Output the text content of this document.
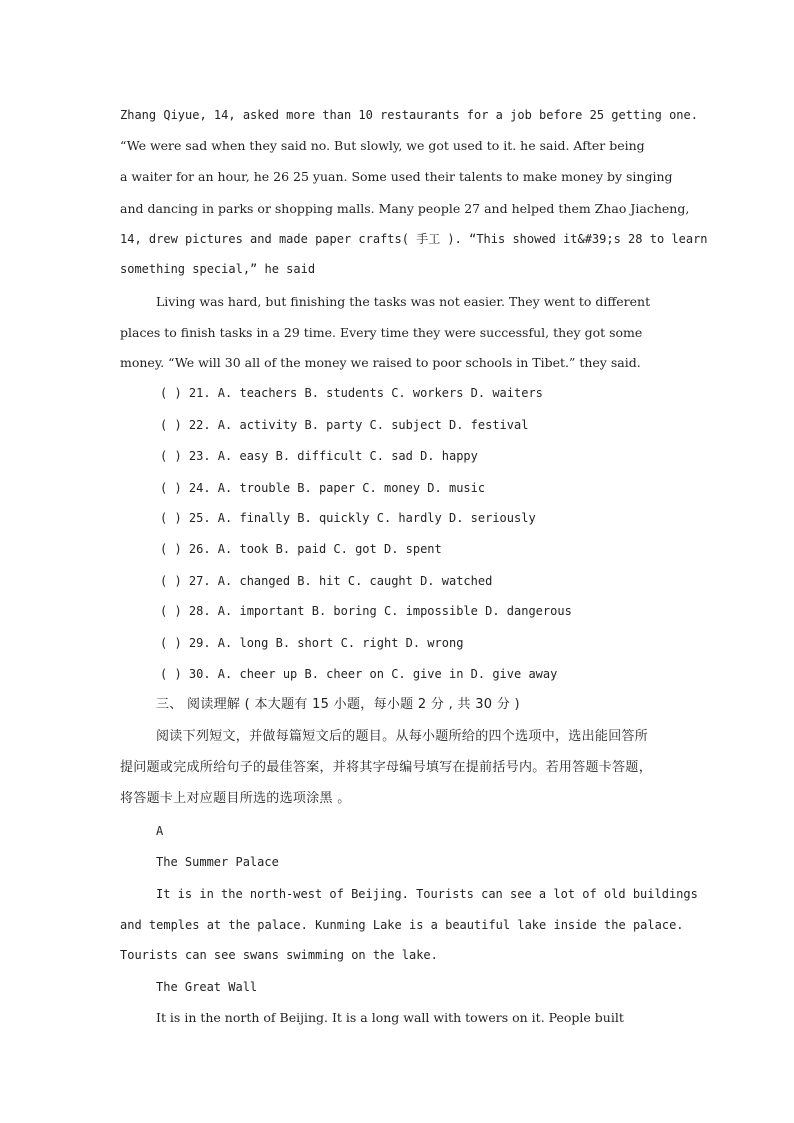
Zhang Qiyue, 14, asked more than 10 restaurants for a job before 25 getting one.
“We were sad when they said no. But slowly, we got used to it. he said. After being
a waiter for an hour, he 26 25 yuan. Some used their talents to make money by singing
and dancing in parks or shopping malls. Many people 27 and helped them Zhao Jiacheng,
14, drew pictures and made paper crafts( 手工 ). “This showed it&#39;s 28 to learn
something special,” he said
Living was hard, but finishing the tasks was not easier. They went to different
places to finish tasks in a 29 time. Every time they were successful, they got some
money. “We will 30 all of the money we raised to poor schools in Tibet.” they said.
( ) 21. A. teachers B. students C. workers D. waiters
( ) 22. A. activity B. party C. subject D. festival
( ) 23. A. easy B. difficult C. sad D. happy
( ) 24. A. trouble B. paper C. money D. music
( ) 25. A. finally B. quickly C. hardly D. seriously
( ) 26. A. took B. paid C. got D. spent
( ) 27. A. changed B. hit C. caught D. watched
( ) 28. A. important B. boring C. impossible D. dangerous
( ) 29. A. long B. short C. right D. wrong
( ) 30. A. cheer up B. cheer on C. give in D. give away
三、 阅读理解 ( 本大题有 15 小题，每小题 2 分 , 共 30 分 )
阅读下列短文，并做每篇短文后的题目。从每小题所给的四个选项中，选出能回答所
提问题或完成所给句子的最佳答案，并将其字母编号填写在提前括号内。若用答题卡答题，
将答题卡上对应题目所选的选项涂黑 。
A
The Summer Palace
It is in the north-west of Beijing. Tourists can see a lot of old buildings
and temples at the palace. Kunming Lake is a beautiful lake inside the palace.
Tourists can see swans swimming on the lake.
The Great Wall
It is in the north of Beijing. It is a long wall with towers on it. People built
